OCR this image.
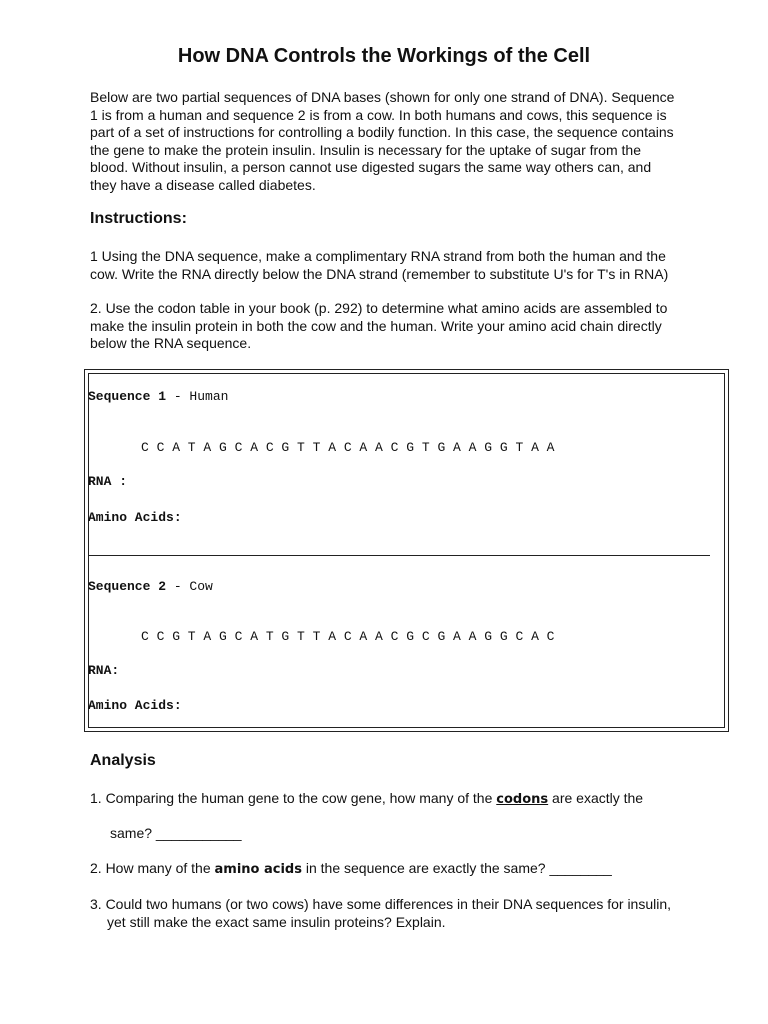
How DNA Controls the Workings of the Cell
Below are two partial sequences of DNA bases (shown for only one strand of DNA). Sequence
1 is from a human and sequence 2 is from a cow. In both humans and cows, this sequence is
part of a set of instructions for controlling a bodily function. In this case, the sequence contains
the gene to make the protein insulin. Insulin is necessary for the uptake of sugar from the
blood. Without insulin, a person cannot use digested sugars the same way others can, and
they have a disease called diabetes.
Instructions:
1 Using the DNA sequence, make a complimentary RNA strand from both the human and the
cow. Write the RNA directly below the DNA strand (remember to substitute U's for T's in RNA)
2. Use the codon table in your book (p. 292) to determine what amino acids are assembled to
make the insulin protein in both the cow and the human. Write your amino acid chain directly
below the RNA sequence.
Sequence 1 - Human
C C A T A G C A C G T T A C A A C G T G A A G G T A A
RNA :
Amino Acids:
Sequence 2 - Cow
C C G T A G C A T G T T A C A A C G C G A A G G C A C
RNA:
Amino Acids:
Analysis
1. Comparing the human gene to the cow gene, how many of the codons are exactly the
same? ___________
2. How many of the amino acids in the sequence are exactly the same? ________
3. Could two humans (or two cows) have some differences in their DNA sequences for insulin,
yet still make the exact same insulin proteins? Explain.
